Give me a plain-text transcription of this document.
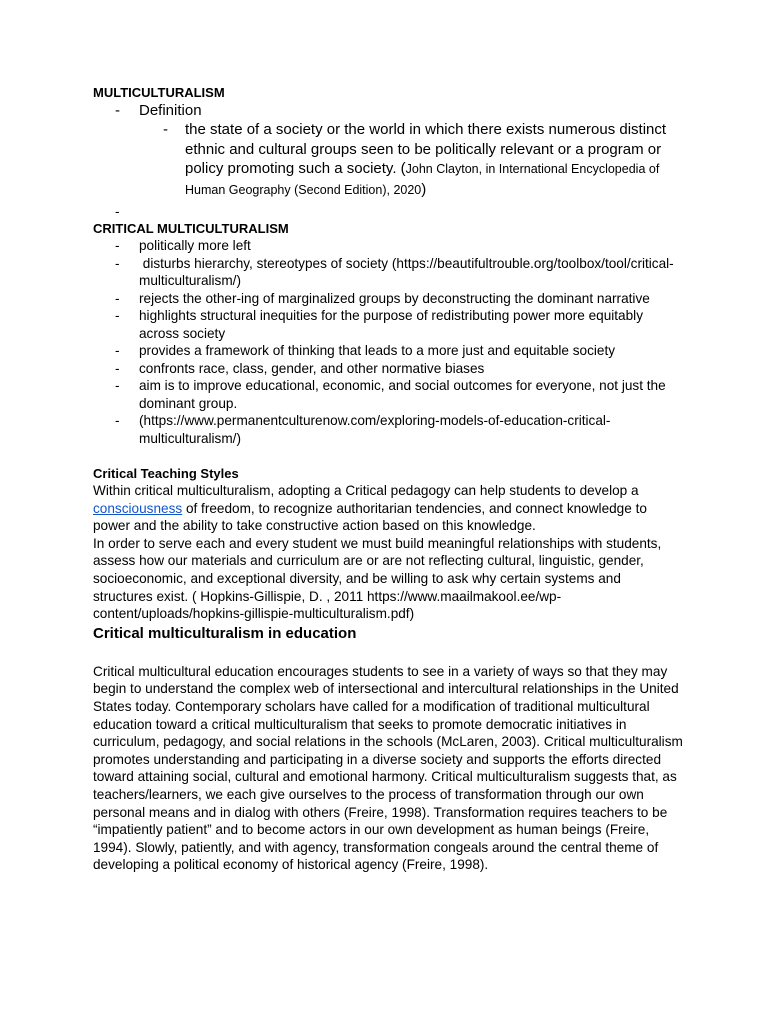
MULTICULTURALISM

- Definition

- the state of a society or the world in which there exists numerous distinct ethnic and cultural groups seen to be politically relevant or a program or policy promoting such a society. (John Clayton, in International Encyclopedia of Human Geography (Second Edition), 2020)

-

CRITICAL MULTICULTURALISM

- politically more left

- disturbs hierarchy, stereotypes of society (https://beautifultrouble.org/toolbox/tool/critical-multiculturalism/)

- rejects the other-ing of marginalized groups by deconstructing the dominant narrative

- highlights structural inequities for the purpose of redistributing power more equitably across society

- provides a framework of thinking that leads to a more just and equitable society

- confronts race, class, gender, and other normative biases

- aim is to improve educational, economic, and social outcomes for everyone, not just the dominant group.

- (https://www.permanentculturenow.com/exploring-models-of-education-critical-multiculturalism/)

Critical Teaching Styles

Within critical multiculturalism, adopting a Critical pedagogy can help students to develop a consciousness of freedom, to recognize authoritarian tendencies, and connect knowledge to power and the ability to take constructive action based on this knowledge.

In order to serve each and every student we must build meaningful relationships with students, assess how our materials and curriculum are or are not reflecting cultural, linguistic, gender, socioeconomic, and exceptional diversity, and be willing to ask why certain systems and structures exist. ( Hopkins-Gillispie, D. , 2011 https://www.maailmakool.ee/wp-content/uploads/hopkins-gillispie-multiculturalism.pdf)

Critical multiculturalism in education

Critical multicultural education encourages students to see in a variety of ways so that they may begin to understand the complex web of intersectional and intercultural relationships in the United States today. Contemporary scholars have called for a modification of traditional multicultural education toward a critical multiculturalism that seeks to promote democratic initiatives in curriculum, pedagogy, and social relations in the schools (McLaren, 2003). Critical multiculturalism promotes understanding and participating in a diverse society and supports the efforts directed toward attaining social, cultural and emotional harmony. Critical multiculturalism suggests that, as teachers/learners, we each give ourselves to the process of transformation through our own personal means and in dialog with others (Freire, 1998). Transformation requires teachers to be “impatiently patient” and to become actors in our own development as human beings (Freire, 1994). Slowly, patiently, and with agency, transformation congeals around the central theme of developing a political economy of historical agency (Freire, 1998).
